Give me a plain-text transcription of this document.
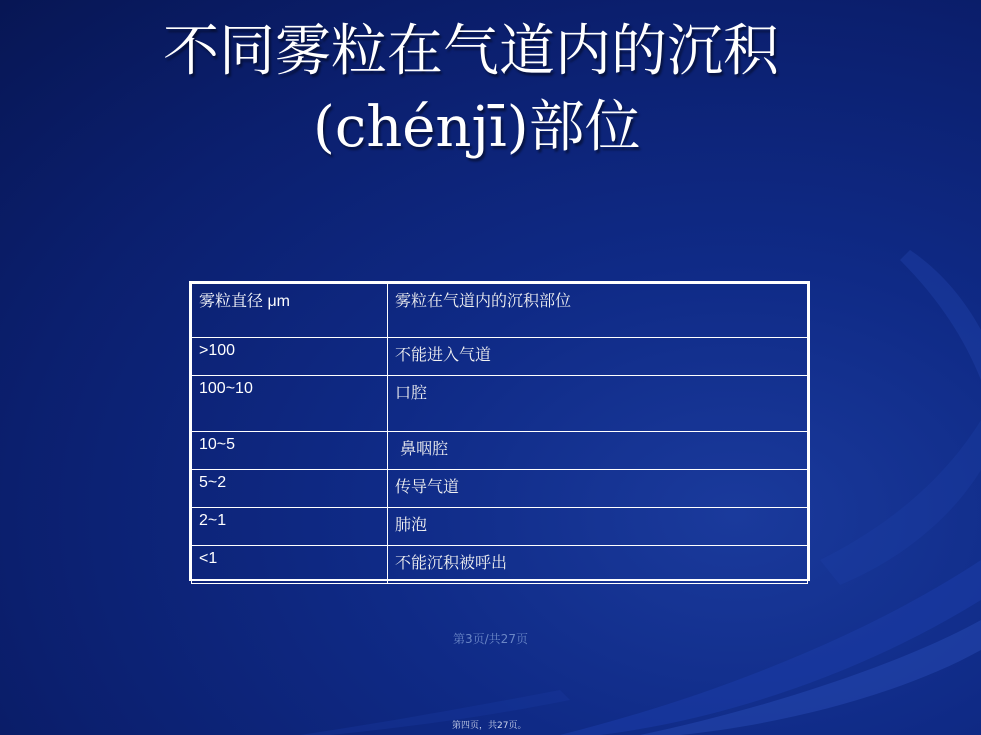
不同雾粒在气道内的沉积
(chénjī)部位
雾粒直径 μm	雾粒在气道内的沉积部位
>100	不能进入气道
100~10	口腔
10~5	鼻咽腔
5~2	传导气道
2~1	肺泡
<1	不能沉积被呼出
第3页/共27页
第四页，共27页。
